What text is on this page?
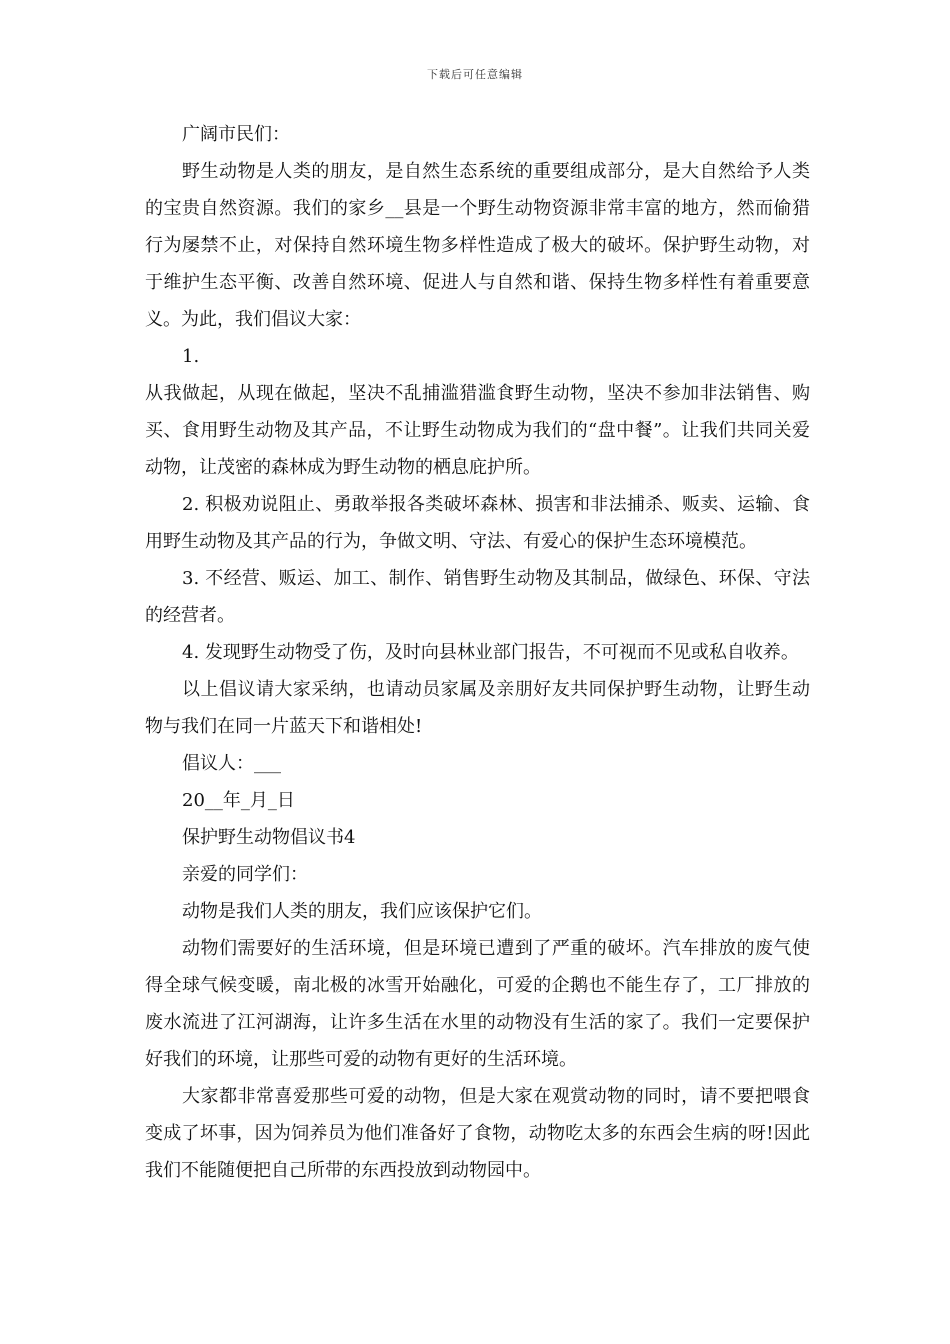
下载后可任意编辑

广阔市民们：

野生动物是人类的朋友，是自然生态系统的重要组成部分，是大自然给予人类的宝贵自然资源。我们的家乡__县是一个野生动物资源非常丰富的地方，然而偷猎行为屡禁不止，对保持自然环境生物多样性造成了极大的破坏。保护野生动物，对于维护生态平衡、改善自然环境、促进人与自然和谐、保持生物多样性有着重要意义。为此，我们倡议大家：

1.

从我做起，从现在做起，坚决不乱捕滥猎滥食野生动物，坚决不参加非法销售、购买、食用野生动物及其产品，不让野生动物成为我们的“盘中餐”。让我们共同关爱动物，让茂密的森林成为野生动物的栖息庇护所。

2. 积极劝说阻止、勇敢举报各类破坏森林、损害和非法捕杀、贩卖、运输、食用野生动物及其产品的行为，争做文明、守法、有爱心的保护生态环境模范。

3. 不经营、贩运、加工、制作、销售野生动物及其制品，做绿色、环保、守法的经营者。

4. 发现野生动物受了伤，及时向县林业部门报告，不可视而不见或私自收养。

以上倡议请大家采纳，也请动员家属及亲朋好友共同保护野生动物，让野生动物与我们在同一片蓝天下和谐相处!

倡议人：___

20__年_月_日

保护野生动物倡议书4

亲爱的同学们：

动物是我们人类的朋友，我们应该保护它们。

动物们需要好的生活环境，但是环境已遭到了严重的破坏。汽车排放的废气使得全球气候变暖，南北极的冰雪开始融化，可爱的企鹅也不能生存了，工厂排放的废水流进了江河湖海，让许多生活在水里的动物没有生活的家了。我们一定要保护好我们的环境，让那些可爱的动物有更好的生活环境。

大家都非常喜爱那些可爱的动物，但是大家在观赏动物的同时，请不要把喂食变成了坏事，因为饲养员为他们准备好了食物，动物吃太多的东西会生病的呀!因此我们不能随便把自己所带的东西投放到动物园中。
